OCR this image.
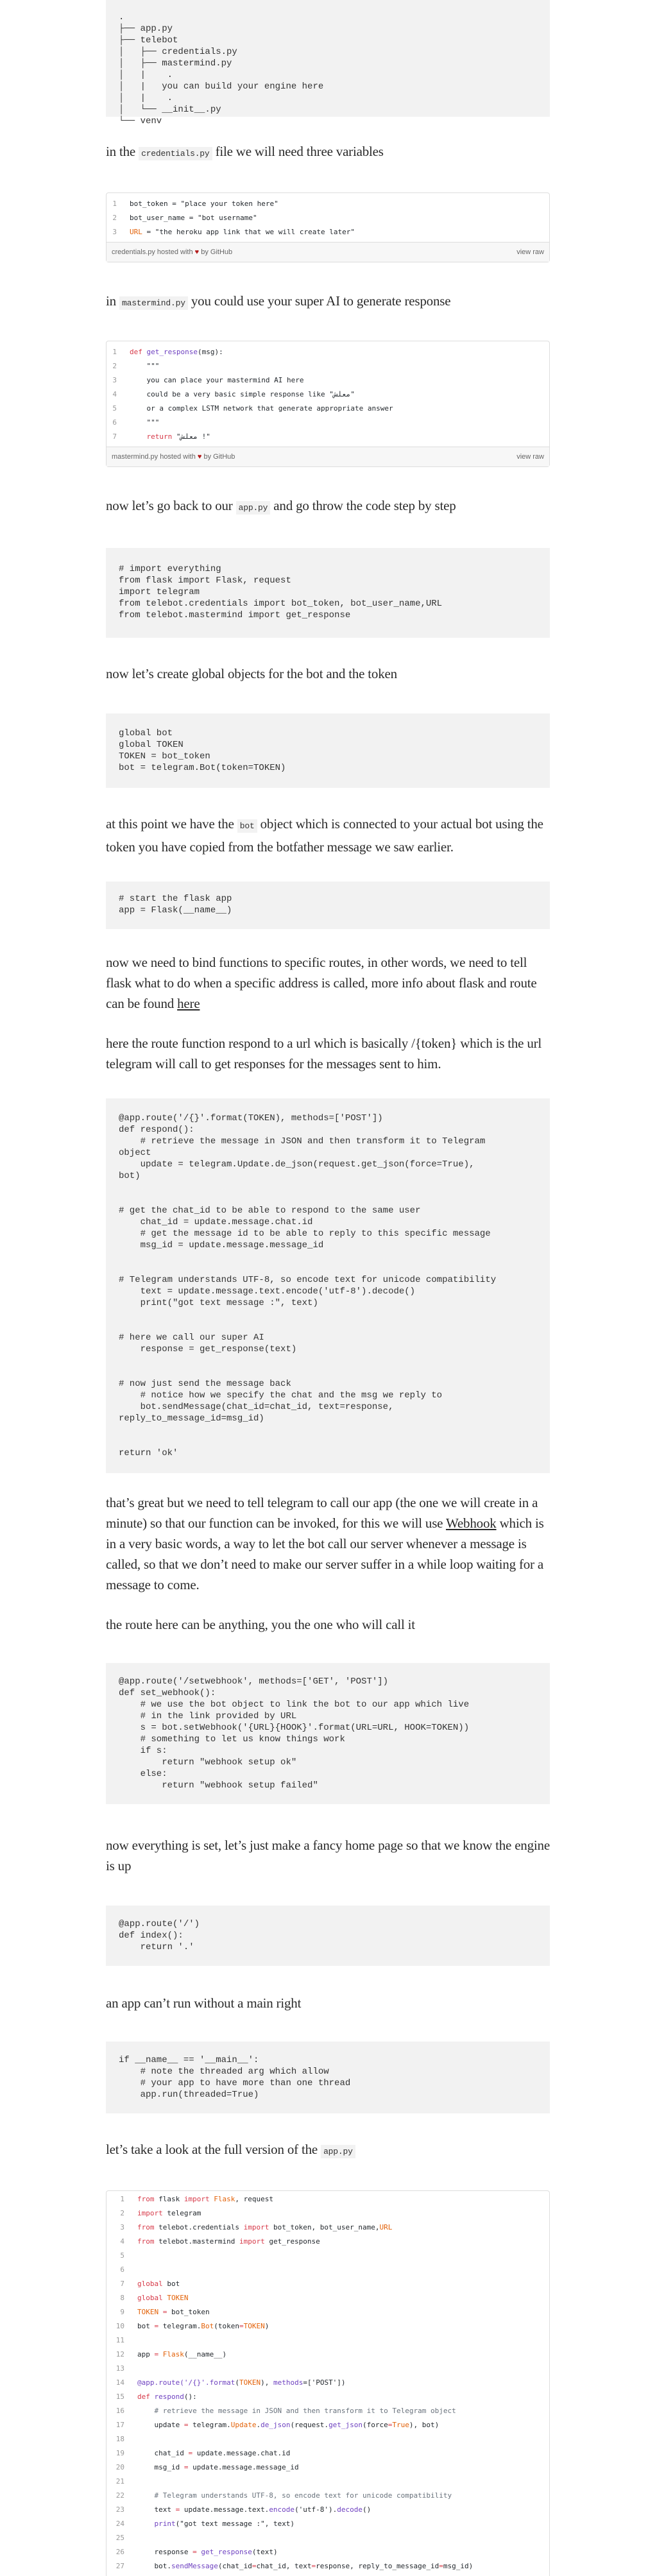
.
├── app.py
├── telebot
│   ├── credentials.py
│   ├── mastermind.py
│   |    .
│   |   you can build your engine here
│   |    .
│   └── __init__.py
└── venv

in the credentials.py file we will need three variables

1	bot_token = "place your token here"
2	bot_user_name = "bot username"
3	URL = "the heroku app link that we will create later"
credentials.py hosted with ♥ by GitHub	view raw

in mastermind.py you could use your super AI to generate response

1	def get_response(msg):
2	"""
3	you can place your mastermind AI here
4	could be a very basic simple response like "معلش"
5	or a complex LSTM network that generate appropriate answer
6	"""
7	return "معلش !"
mastermind.py hosted with ♥ by GitHub	view raw

now let’s go back to our app.py and go throw the code step by step

# import everything
from flask import Flask, request
import telegram
from telebot.credentials import bot_token, bot_user_name,URL
from telebot.mastermind import get_response

now let’s create global objects for the bot and the token

global bot
global TOKEN
TOKEN = bot_token
bot = telegram.Bot(token=TOKEN)

at this point we have the bot object which is connected to your actual bot using the token you have copied from the botfather message we saw earlier.

# start the flask app
app = Flask(__name__)

now we need to bind functions to specific routes, in other words, we need to tell flask what to do when a specific address is called, more info about flask and route can be found here

here the route function respond to a url which is basically /{token} which is the url telegram will call to get responses for the messages sent to him.

@app.route('/{}'.format(TOKEN), methods=['POST'])
def respond():
# retrieve the message in JSON and then transform it to Telegram
object
update = telegram.Update.de_json(request.get_json(force=True),
bot)
# get the chat_id to be able to respond to the same user
chat_id = update.message.chat.id
# get the message id to be able to reply to this specific message
msg_id = update.message.message_id
# Telegram understands UTF-8, so encode text for unicode compatibility
text = update.message.text.encode('utf-8').decode()
print("got text message :", text)
# here we call our super AI
response = get_response(text)
# now just send the message back
# notice how we specify the chat and the msg we reply to
bot.sendMessage(chat_id=chat_id, text=response,
reply_to_message_id=msg_id)
return 'ok'

that’s great but we need to tell telegram to call our app (the one we will create in a minute) so that our function can be invoked, for this we will use Webhook which is in a very basic words, a way to let the bot call our server whenever a message is called, so that we don’t need to make our server suffer in a while loop waiting for a message to come.

the route here can be anything, you the one who will call it

@app.route('/setwebhook', methods=['GET', 'POST'])
def set_webhook():
# we use the bot object to link the bot to our app which live
# in the link provided by URL
s = bot.setWebhook('{URL}{HOOK}'.format(URL=URL, HOOK=TOKEN))
# something to let us know things work
if s:
return "webhook setup ok"
else:
return "webhook setup failed"

now everything is set, let’s just make a fancy home page so that we know the engine is up

@app.route('/')
def index():
return '.'

an app can’t run without a main right

if __name__ == '__main__':
# note the threaded arg which allow
# your app to have more than one thread
app.run(threaded=True)

let’s take a look at the full version of the app.py

1	from flask import Flask, request
2	import telegram
3	from telebot.credentials import bot_token, bot_user_name,URL
4	from telebot.mastermind import get_response
5
6
7	global bot
8	global TOKEN
9	TOKEN = bot_token
10	bot = telegram.Bot(token=TOKEN)
11
12	app = Flask(__name__)
13
14	@app.route('/{}'.format(TOKEN), methods=['POST'])
15	def respond():
16	# retrieve the message in JSON and then transform it to Telegram object
17	update = telegram.Update.de_json(request.get_json(force=True), bot)
18
19	chat_id = update.message.chat.id
20	msg_id = update.message.message_id
21
22	# Telegram understands UTF-8, so encode text for unicode compatibility
23	text = update.message.text.encode('utf-8').decode()
24	print("got text message :", text)
25
26	response = get_response(text)
27	bot.sendMessage(chat_id=chat_id, text=response, reply_to_message_id=msg_id)
